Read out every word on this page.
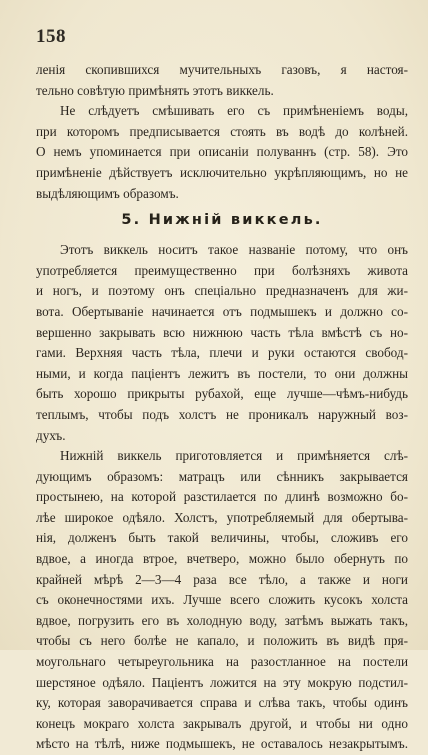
158
ленія скопившихся мучительныхъ газовъ, я настоя-
тельно совѣтую примѣнять этотъ виккель.
Не слѣдуетъ смѣшивать его съ примѣненіемъ воды,
при которомъ предписывается стоять въ водѣ до колѣней.
О немъ упоминается при описаніи полуваннъ (стр. 58). Это
примѣненіе дѣйствуетъ исключительно укрѣпляющимъ, но не
выдѣляющимъ образомъ.
5. Нижній виккель.
Этотъ виккель носитъ такое названіе потому, что онъ
употребляется преимущественно при болѣзняхъ живота
и ногъ, и поэтому онъ спеціально предназначенъ для жи-
вота. Обертываніе начинается отъ подмышекъ и должно со-
вершенно закрывать всю нижнюю часть тѣла вмѣстѣ съ но-
гами. Верхняя часть тѣла, плечи и руки остаются свобод-
ными, и когда паціентъ лежитъ въ постели, то они должны
быть хорошо прикрыты рубахой, еще лучше—чѣмъ-нибудь
теплымъ, чтобы подъ холстъ не проникалъ наружный воз-
духъ.
Нижній виккель приготовляется и примѣняется слѣ-
дующимъ образомъ: матрацъ или сѣнникъ закрывается
простынею, на которой разстилается по длинѣ возможно бо-
лѣе широкое одѣяло. Холстъ, употребляемый для обертыва-
нія, долженъ быть такой величины, чтобы, сложивъ его
вдвое, а иногда втрое, вчетверо, можно было обернуть по
крайней мѣрѣ 2—3—4 раза все тѣло, а также и ноги
съ оконечностями ихъ. Лучше всего сложить кусокъ холста
вдвое, погрузить его въ холодную воду, затѣмъ выжать такъ,
чтобы съ него болѣе не капало, и положить въ видѣ пря-
моугольнаго четыреугольника на разостланное на постели
шерстяное одѣяло. Паціентъ ложится на эту мокрую подстил-
ку, которая заворачивается справа и слѣва такъ, чтобы одинъ
конецъ мокраго холста закрывалъ другой, и чтобы ни одно
мѣсто на тѣлѣ, ниже подмышекъ, не оставалось незакрытымъ.
